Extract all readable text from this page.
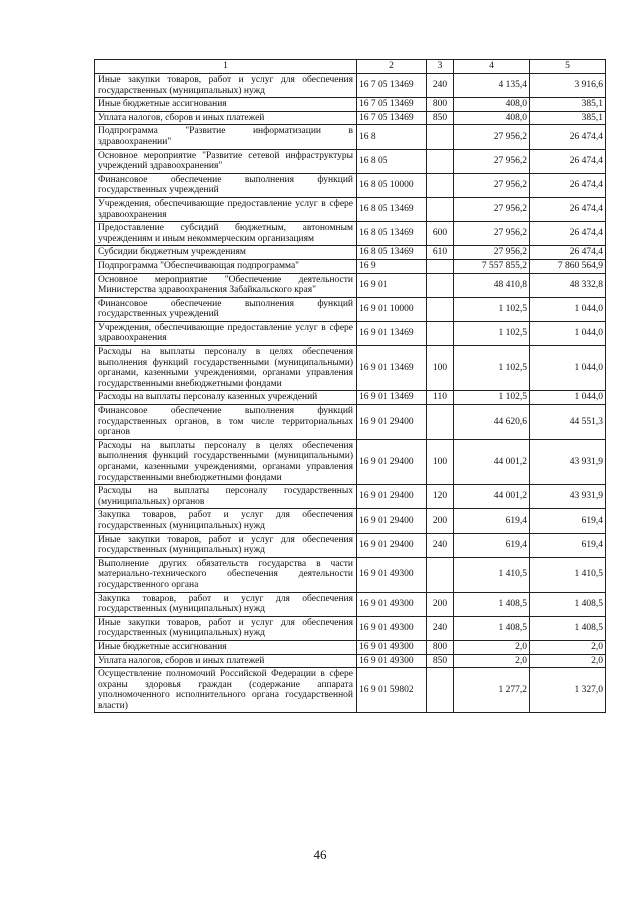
1	2	3	4	5
Иные закупки товаров, работ и услуг для обеспечения государственных (муниципальных) нужд	16 7 05 13469	240	4 135,4	3 916,6
Иные бюджетные ассигнования	16 7 05 13469	800	408,0	385,1
Уплата налогов, сборов и иных платежей	16 7 05 13469	850	408,0	385,1
Подпрограмма "Развитие информатизации в здравоохранении"	16 8		27 956,2	26 474,4
Основное мероприятие "Развитие сетевой инфраструктуры учреждений здравоохранения"	16 8 05		27 956,2	26 474,4
Финансовое обеспечение выполнения функций государственных учреждений	16 8 05 10000		27 956,2	26 474,4
Учреждения, обеспечивающие предоставление услуг в сфере здравоохранения	16 8 05 13469		27 956,2	26 474,4
Предоставление субсидий бюджетным, автономным учреждениям и иным некоммерческим организациям	16 8 05 13469	600	27 956,2	26 474,4
Субсидии бюджетным учреждениям	16 8 05 13469	610	27 956,2	26 474,4
Подпрограмма "Обеспечивающая подпрограмма"	16 9		7 557 855,2	7 860 564,9
Основное мероприятие "Обеспечение деятельности Министерства здравоохранения Забайкальского края"	16 9 01		48 410,8	48 332,8
Финансовое обеспечение выполнения функций государственных учреждений	16 9 01 10000		1 102,5	1 044,0
Учреждения, обеспечивающие предоставление услуг в сфере здравоохранения	16 9 01 13469		1 102,5	1 044,0
Расходы на выплаты персоналу в целях обеспечения выполнения функций государственными (муниципальными) органами, казенными учреждениями, органами управления государственными внебюджетными фондами	16 9 01 13469	100	1 102,5	1 044,0
Расходы на выплаты персоналу казенных учреждений	16 9 01 13469	110	1 102,5	1 044,0
Финансовое обеспечение выполнения функций государственных органов, в том числе территориальных органов	16 9 01 29400		44 620,6	44 551,3
Расходы на выплаты персоналу в целях обеспечения выполнения функций государственными (муниципальными) органами, казенными учреждениями, органами управления государственными внебюджетными фондами	16 9 01 29400	100	44 001,2	43 931,9
Расходы на выплаты персоналу государственных (муниципальных) органов	16 9 01 29400	120	44 001,2	43 931,9
Закупка товаров, работ и услуг для обеспечения государственных (муниципальных) нужд	16 9 01 29400	200	619,4	619,4
Иные закупки товаров, работ и услуг для обеспечения государственных (муниципальных) нужд	16 9 01 29400	240	619,4	619,4
Выполнение других обязательств государства в части материально-технического обеспечения деятельности государственного органа	16 9 01 49300		1 410,5	1 410,5
Закупка товаров, работ и услуг для обеспечения государственных (муниципальных) нужд	16 9 01 49300	200	1 408,5	1 408,5
Иные закупки товаров, работ и услуг для обеспечения государственных (муниципальных) нужд	16 9 01 49300	240	1 408,5	1 408,5
Иные бюджетные ассигнования	16 9 01 49300	800	2,0	2,0
Уплата налогов, сборов и иных платежей	16 9 01 49300	850	2,0	2,0
Осуществление полномочий Российской Федерации в сфере охраны здоровья граждан (содержание аппарата уполномоченного исполнительного органа государственной власти)	16 9 01 59802		1 277,2	1 327,0
46
